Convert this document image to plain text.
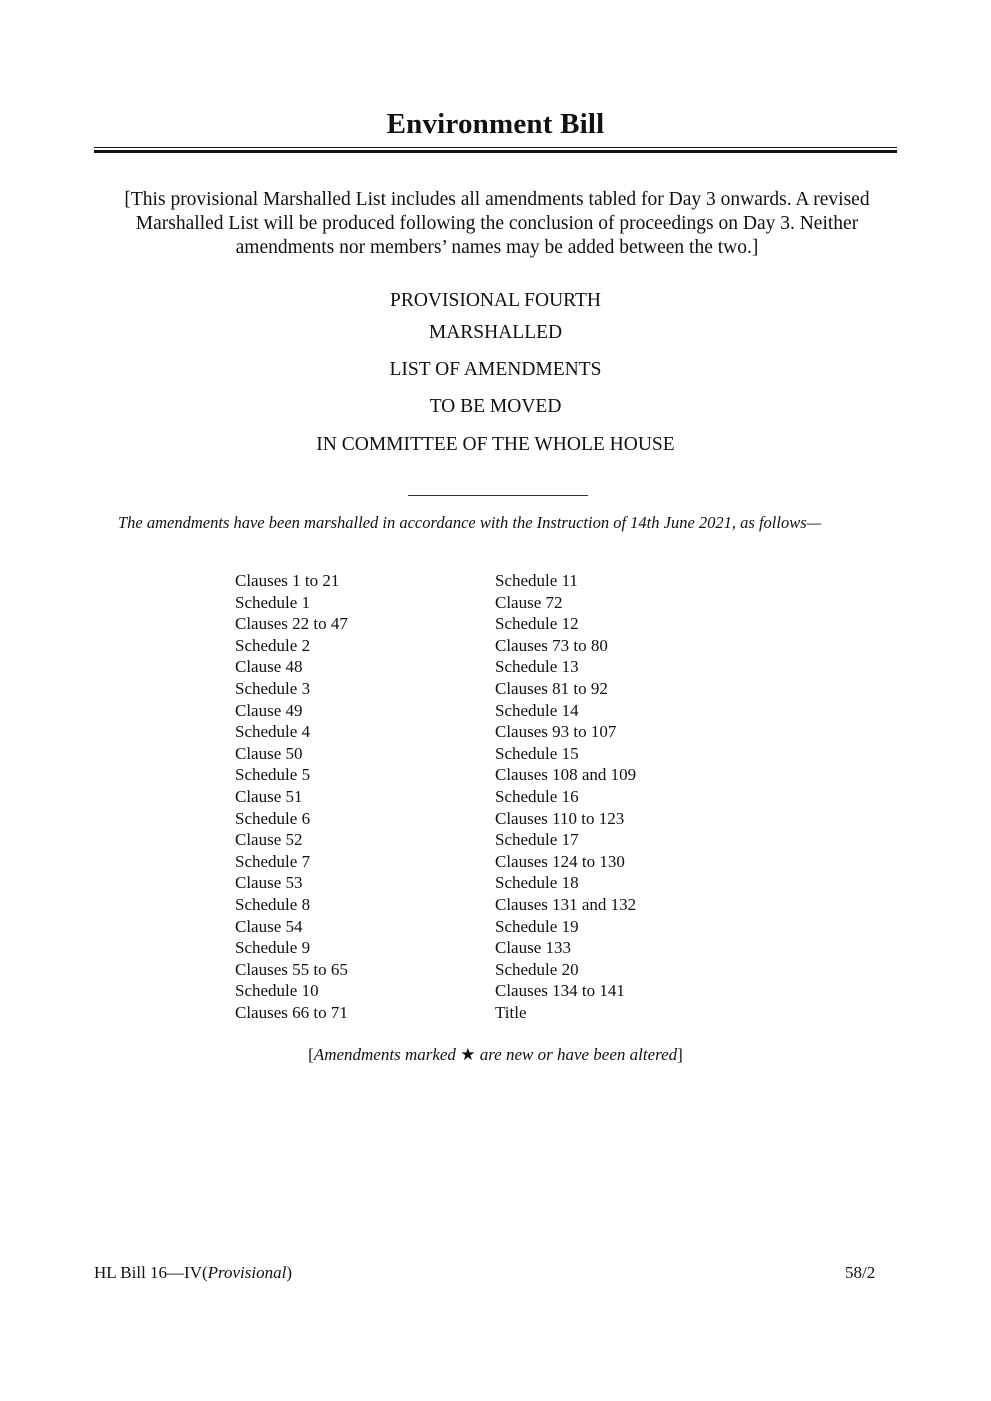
Environment Bill
[This provisional Marshalled List includes all amendments tabled for Day 3 onwards. A revised Marshalled List will be produced following the conclusion of proceedings on Day 3. Neither amendments nor members’ names may be added between the two.]
PROVISIONAL FOURTH
MARSHALLED
LIST OF AMENDMENTS
TO BE MOVED
IN COMMITTEE OF THE WHOLE HOUSE
The amendments have been marshalled in accordance with the Instruction of 14th June 2021, as follows—
Clauses 1 to 21
Schedule 1
Clauses 22 to 47
Schedule 2
Clause 48
Schedule 3
Clause 49
Schedule 4
Clause 50
Schedule 5
Clause 51
Schedule 6
Clause 52
Schedule 7
Clause 53
Schedule 8
Clause 54
Schedule 9
Clauses 55 to 65
Schedule 10
Clauses 66 to 71
Schedule 11
Clause 72
Schedule 12
Clauses 73 to 80
Schedule 13
Clauses 81 to 92
Schedule 14
Clauses 93 to 107
Schedule 15
Clauses 108 and 109
Schedule 16
Clauses 110 to 123
Schedule 17
Clauses 124 to 130
Schedule 18
Clauses 131 and 132
Schedule 19
Clause 133
Schedule 20
Clauses 134 to 141
Title
[Amendments marked ★ are new or have been altered]
HL Bill 16—IV(Provisional)	58/2
